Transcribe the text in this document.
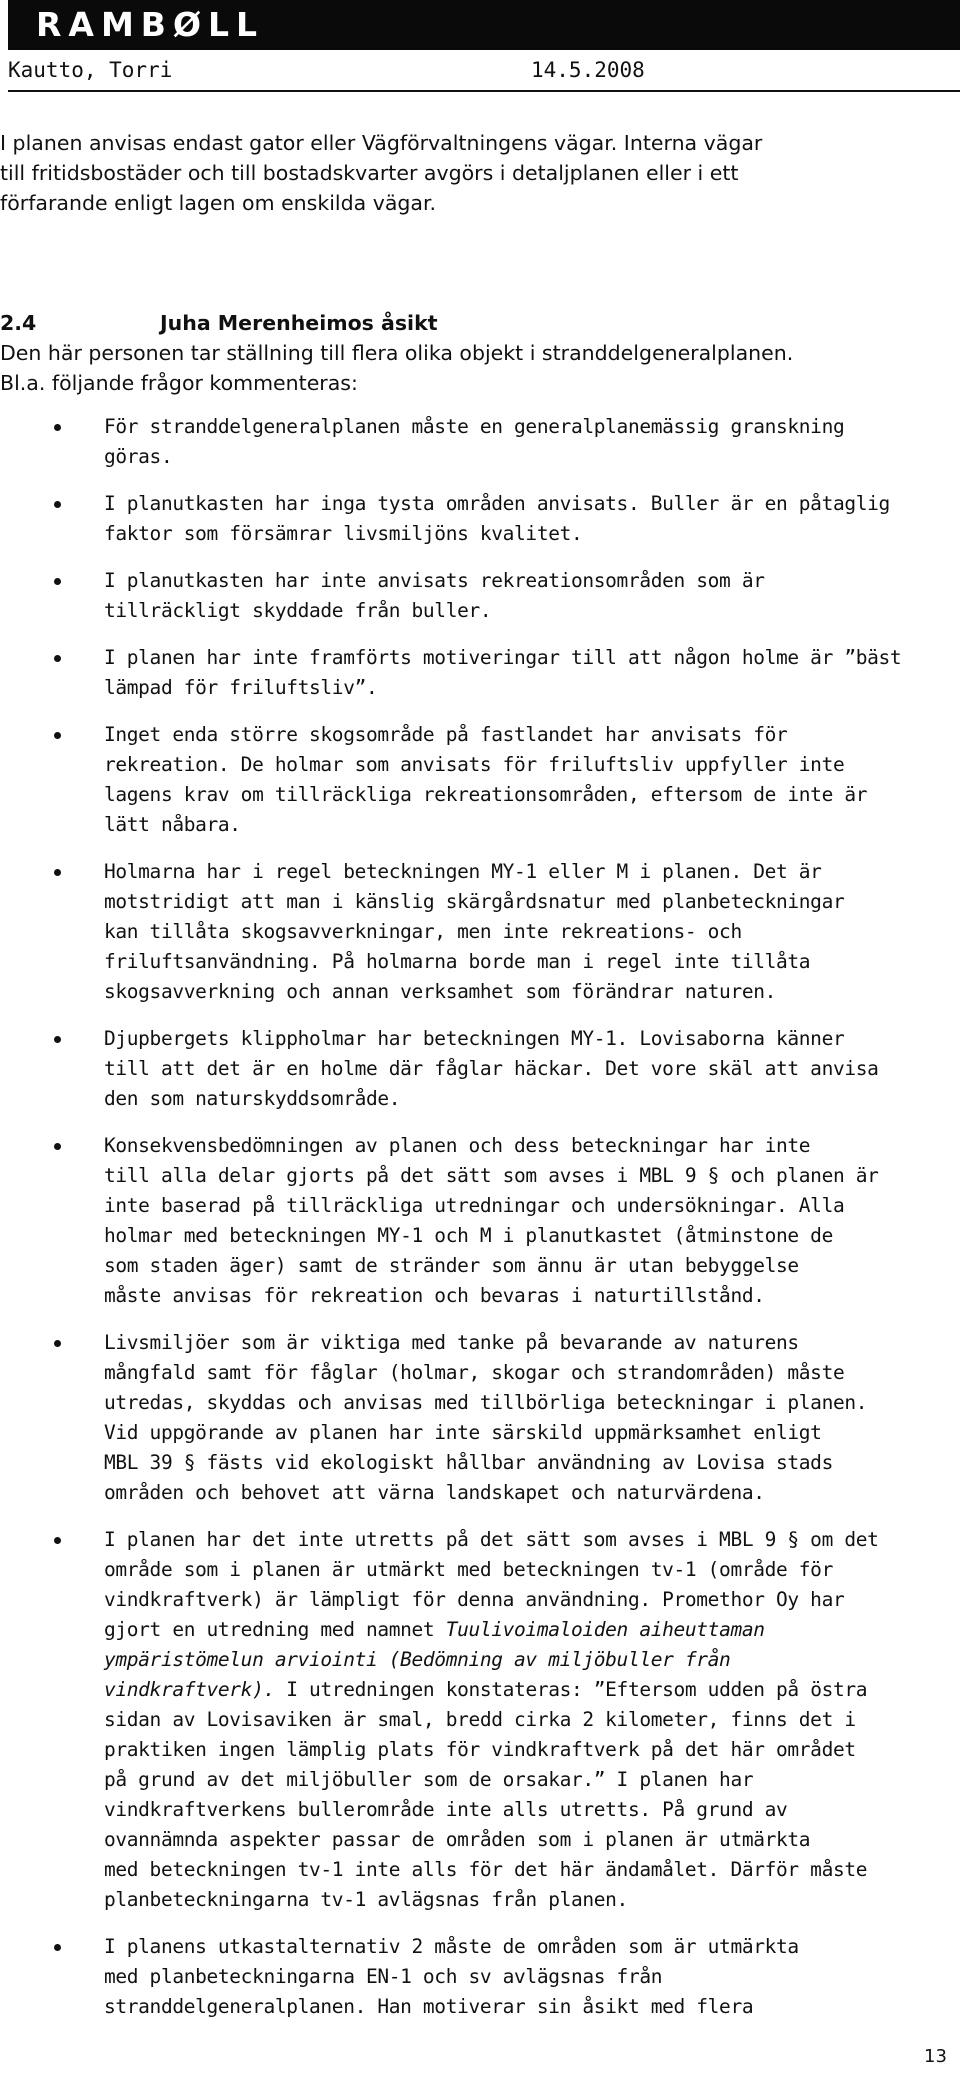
RAMBØLL
Kautto, Torri	14.5.2008

I planen anvisas endast gator eller Vägförvaltningens vägar. Interna vägar
till fritidsbostäder och till bostadskvarter avgörs i detaljplanen eller i ett
förfarande enligt lagen om enskilda vägar.

2.4	Juha Merenheimos åsikt

Den här personen tar ställning till flera olika objekt i stranddelgeneralplanen.
Bl.a. följande frågor kommenteras:

För stranddelgeneralplanen måste en generalplanemässig granskning
göras.
I planutkasten har inga tysta områden anvisats. Buller är en påtaglig
faktor som försämrar livsmiljöns kvalitet.
I planutkasten har inte anvisats rekreationsområden som är
tillräckligt skyddade från buller.
I planen har inte framförts motiveringar till att någon holme är ”bäst
lämpad för friluftsliv”.
Inget enda större skogsområde på fastlandet har anvisats för
rekreation. De holmar som anvisats för friluftsliv uppfyller inte
lagens krav om tillräckliga rekreationsområden, eftersom de inte är
lätt nåbara.
Holmarna har i regel beteckningen MY-1 eller M i planen. Det är
motstridigt att man i känslig skärgårdsnatur med planbeteckningar
kan tillåta skogsavverkningar, men inte rekreations- och
friluftsanvändning. På holmarna borde man i regel inte tillåta
skogsavverkning och annan verksamhet som förändrar naturen.
Djupbergets klippholmar har beteckningen MY-1. Lovisaborna känner
till att det är en holme där fåglar häckar. Det vore skäl att anvisa
den som naturskyddsområde.
Konsekvensbedömningen av planen och dess beteckningar har inte
till alla delar gjorts på det sätt som avses i MBL 9 § och planen är
inte baserad på tillräckliga utredningar och undersökningar. Alla
holmar med beteckningen MY-1 och M i planutkastet (åtminstone de
som staden äger) samt de stränder som ännu är utan bebyggelse
måste anvisas för rekreation och bevaras i naturtillstånd.
Livsmiljöer som är viktiga med tanke på bevarande av naturens
mångfald samt för fåglar (holmar, skogar och strandområden) måste
utredas, skyddas och anvisas med tillbörliga beteckningar i planen.
Vid uppgörande av planen har inte särskild uppmärksamhet enligt
MBL 39 § fästs vid ekologiskt hållbar användning av Lovisa stads
områden och behovet att värna landskapet och naturvärdena.
I planen har det inte utretts på det sätt som avses i MBL 9 § om det
område som i planen är utmärkt med beteckningen tv-1 (område för
vindkraftverk) är lämpligt för denna användning. Promethor Oy har
gjort en utredning med namnet Tuulivoimaloiden aiheuttaman
ympäristömelun arviointi (Bedömning av miljöbuller från
vindkraftverk). I utredningen konstateras: ”Eftersom udden på östra
sidan av Lovisaviken är smal, bredd cirka 2 kilometer, finns det i
praktiken ingen lämplig plats för vindkraftverk på det här området
på grund av det miljöbuller som de orsakar.” I planen har
vindkraftverkens bullerområde inte alls utretts. På grund av
ovannämnda aspekter passar de områden som i planen är utmärkta
med beteckningen tv-1 inte alls för det här ändamålet. Därför måste
planbeteckningarna tv-1 avlägsnas från planen.
I planens utkastalternativ 2 måste de områden som är utmärkta
med planbeteckningarna EN-1 och sv avlägsnas från
stranddelgeneralplanen. Han motiverar sin åsikt med flera
13
